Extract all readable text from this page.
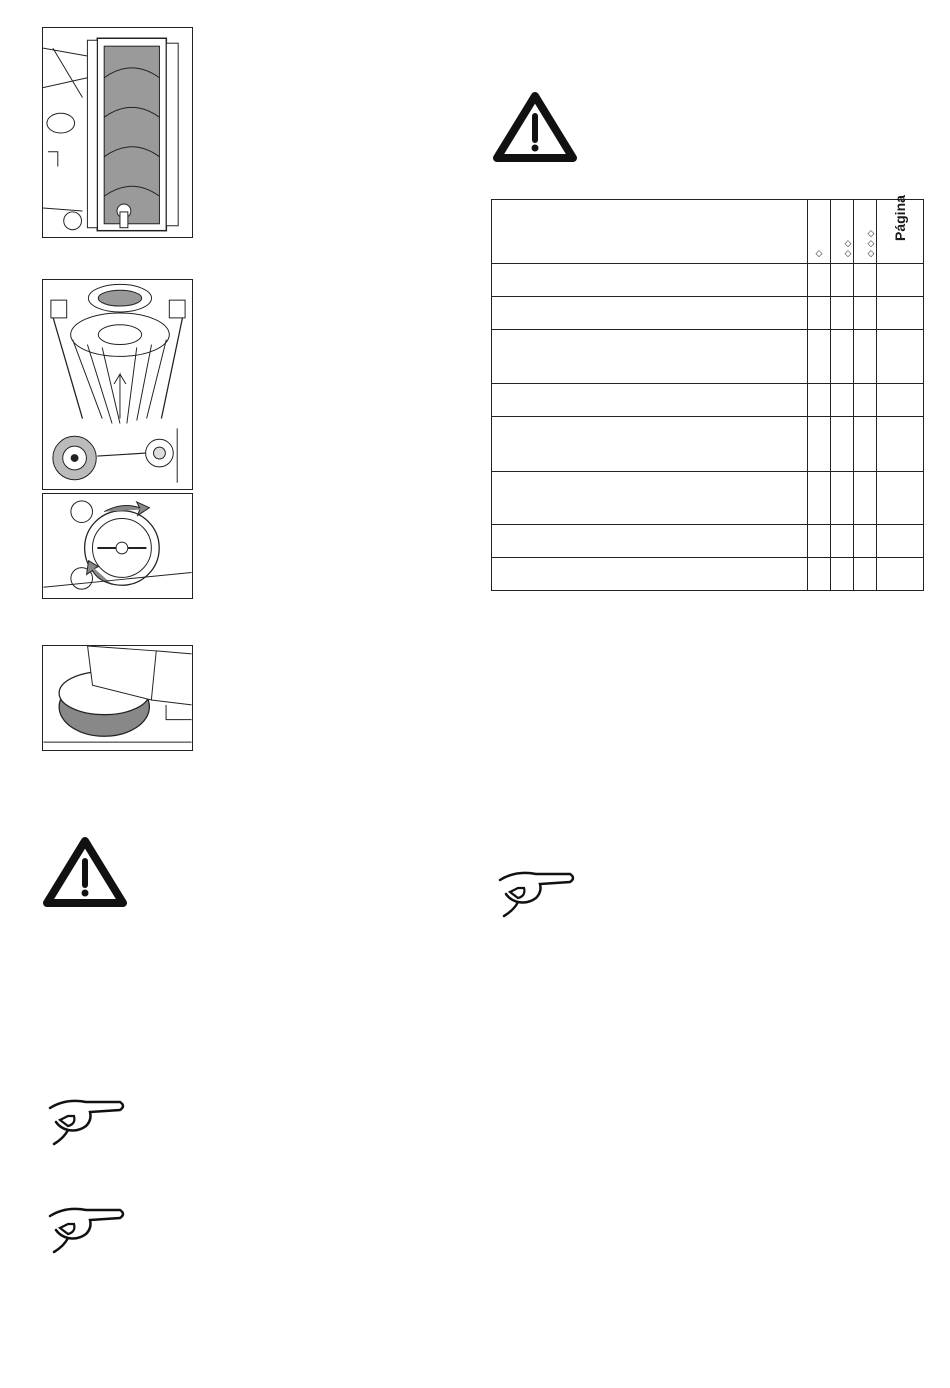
	◇	◇◇	◇◇◇	Página
